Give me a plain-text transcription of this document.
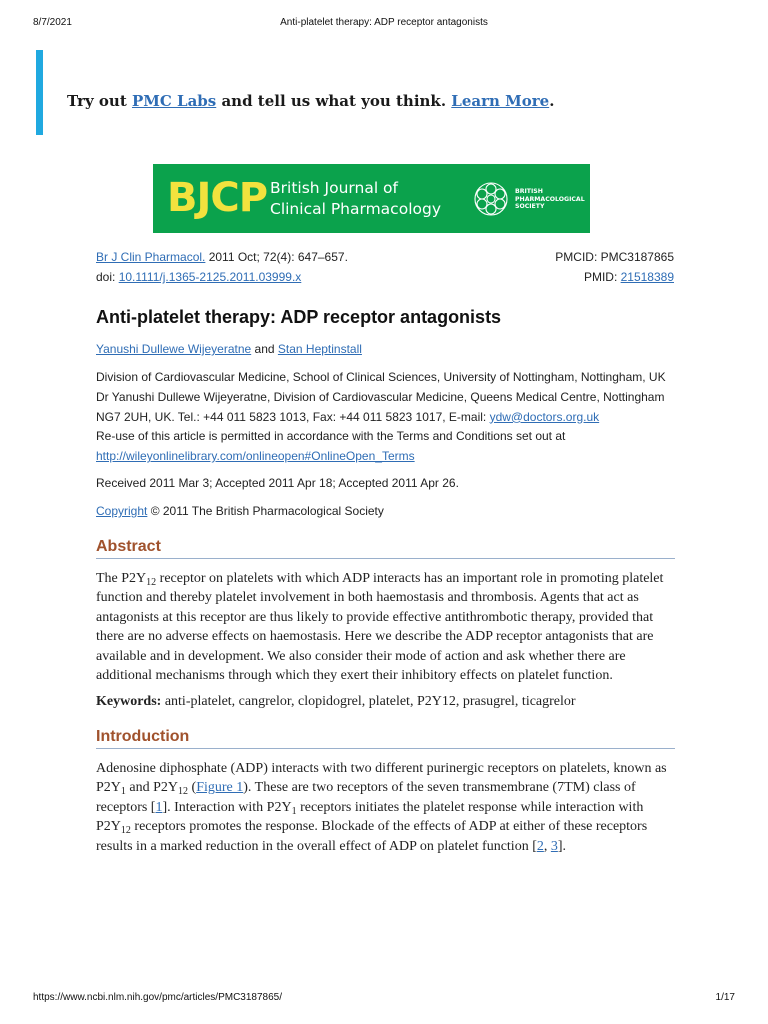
8/7/2021	Anti-platelet therapy: ADP receptor antagonists
Try out PMC Labs and tell us what you think. Learn More.
BJCP British Journal of
Clinical Pharmacology
BRITISH
PHARMACOLOGICAL
SOCIETY
Br J Clin Pharmacol. 2011 Oct; 72(4): 647–657.	PMCID: PMC3187865
doi: 10.1111/j.1365-2125.2011.03999.x	PMID: 21518389
Anti-platelet therapy: ADP receptor antagonists
Yanushi Dullewe Wijeyeratne and Stan Heptinstall
Division of Cardiovascular Medicine, School of Clinical Sciences, University of Nottingham, Nottingham, UK
Dr Yanushi Dullewe Wijeyeratne, Division of Cardiovascular Medicine, Queens Medical Centre, Nottingham
NG7 2UH, UK. Tel.: +44 011 5823 1013, Fax: +44 011 5823 1017, E-mail: ydw@doctors.org.uk
Re-use of this article is permitted in accordance with the Terms and Conditions set out at
http://wileyonlinelibrary.com/onlineopen#OnlineOpen_Terms
Received 2011 Mar 3; Accepted 2011 Apr 18; Accepted 2011 Apr 26.
Copyright © 2011 The British Pharmacological Society
Abstract
The $P2Y_{12}$ receptor on platelets with which ADP interacts has an important role in promoting platelet
function and thereby platelet involvement in both haemostasis and thrombosis. Agents that act as
antagonists at this receptor are thus likely to provide effective antithrombotic therapy, provided that
there are no adverse effects on haemostasis. Here we describe the ADP receptor antagonists that are
available and in development. We also consider their mode of action and ask whether there are
additional mechanisms through which they exert their inhibitory effects on platelet function.
Keywords: anti-platelet, cangrelor, clopidogrel, platelet, P2Y12, prasugrel, ticagrelor
Introduction
Adenosine diphosphate (ADP) interacts with two different purinergic receptors on platelets, known as
$P2Y_1$ and $P2Y_{12}$ (Figure 1). These are two receptors of the seven transmembrane (7TM) class of
receptors [1]. Interaction with $P2Y_1$ receptors initiates the platelet response while interaction with
$P2Y_{12}$ receptors promotes the response. Blockade of the effects of ADP at either of these receptors
results in a marked reduction in the overall effect of ADP on platelet function [2, 3].
https://www.ncbi.nlm.nih.gov/pmc/articles/PMC3187865/	1/17
